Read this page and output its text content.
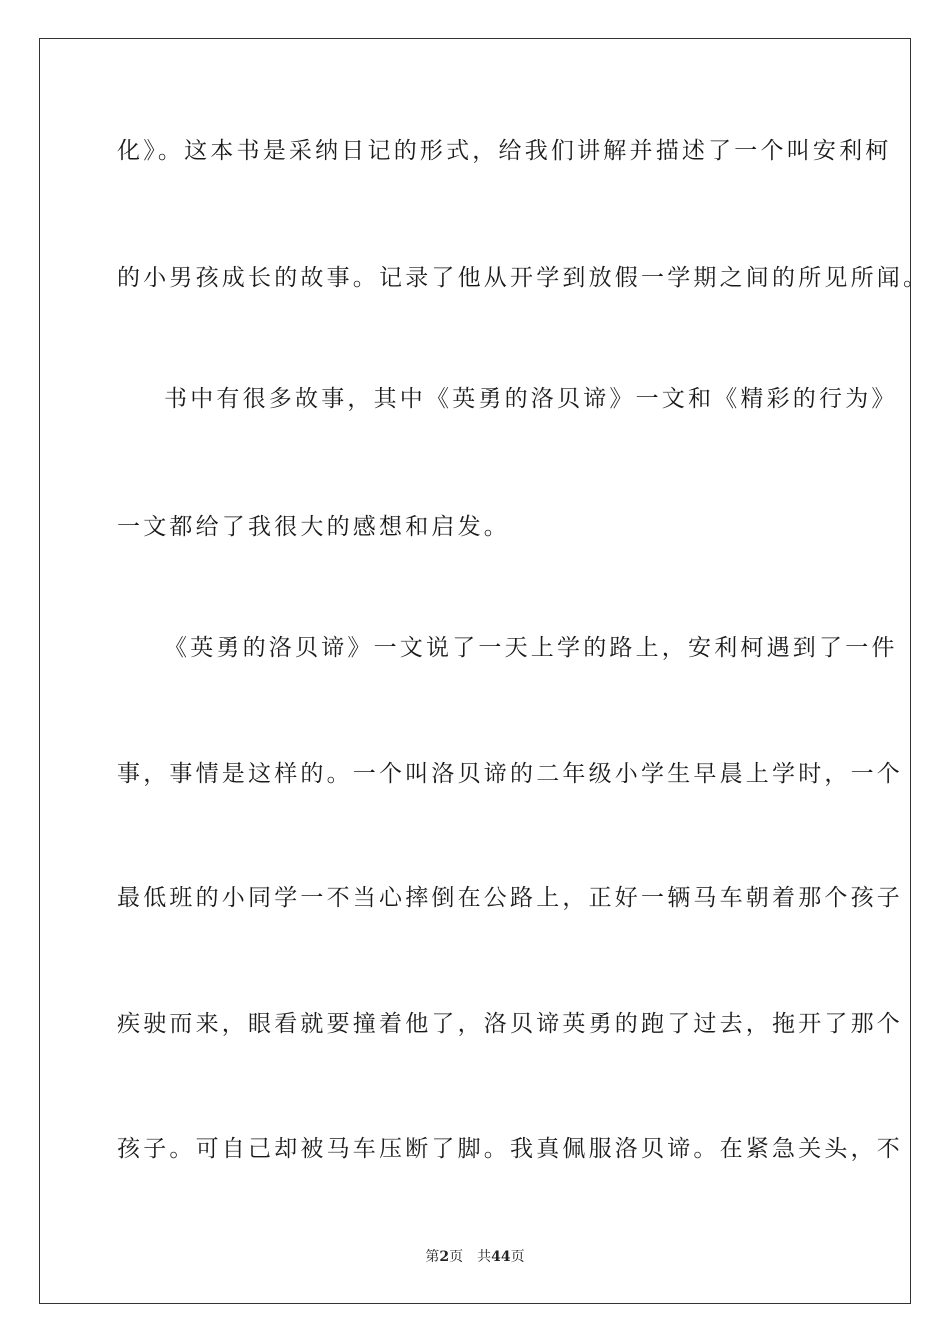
化》。这本书是采纳日记的形式，给我们讲解并描述了一个叫安利柯
的小男孩成长的故事。记录了他从开学到放假一学期之间的所见所闻。
书中有很多故事，其中《英勇的洛贝谛》一文和《精彩的行为》
一文都给了我很大的感想和启发。
《英勇的洛贝谛》一文说了一天上学的路上，安利柯遇到了一件
事，事情是这样的。一个叫洛贝谛的二年级小学生早晨上学时，一个
最低班的小同学一不当心摔倒在公路上，正好一辆马车朝着那个孩子
疾驶而来，眼看就要撞着他了，洛贝谛英勇的跑了过去，拖开了那个
孩子。可自己却被马车压断了脚。我真佩服洛贝谛。在紧急关头，不
第2页 共44页
